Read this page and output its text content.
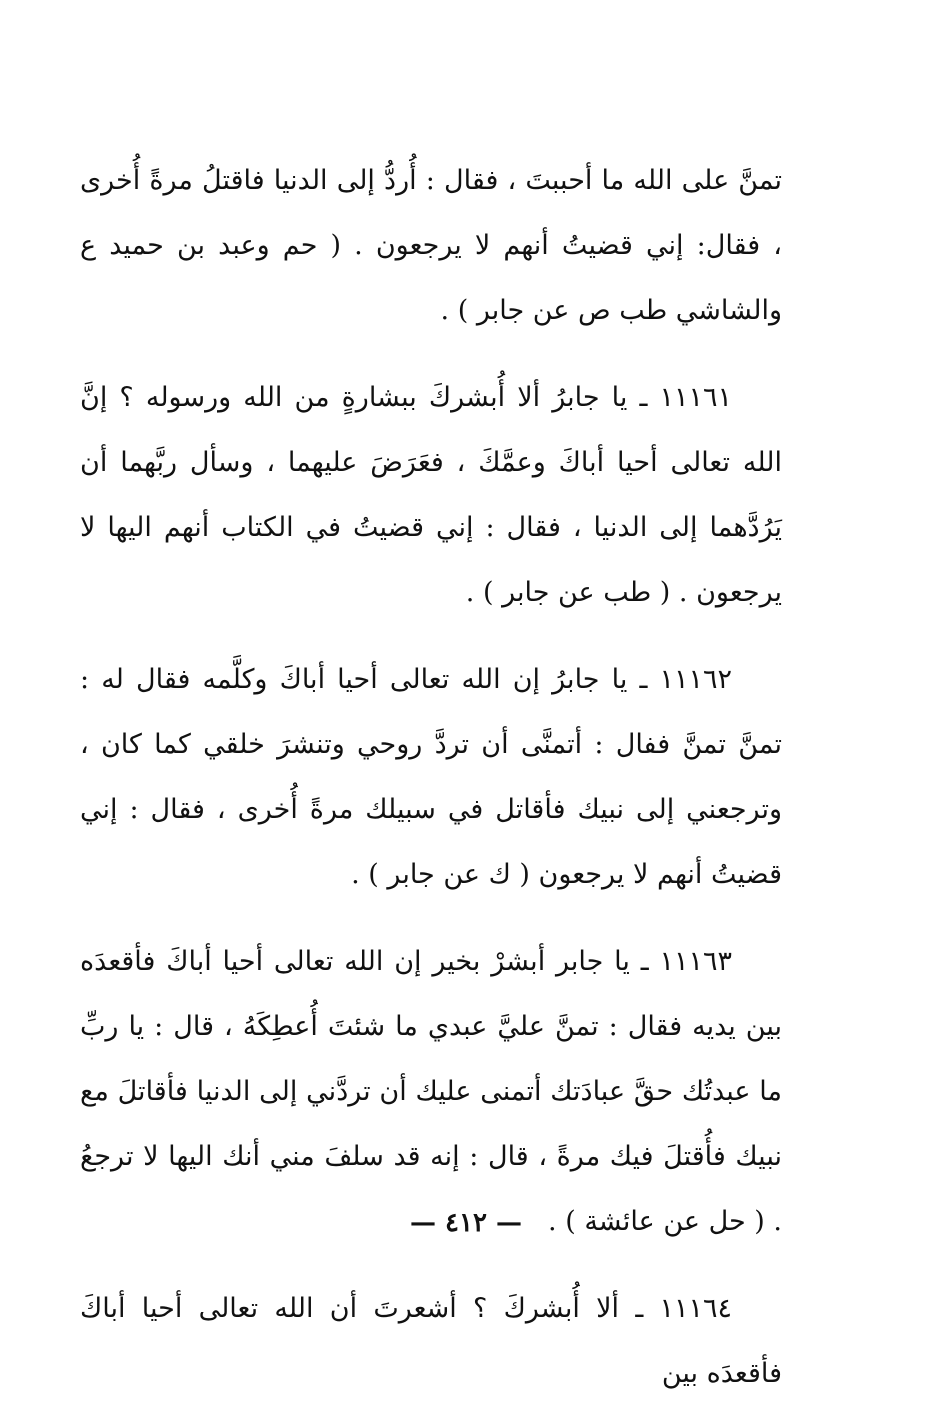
تمنَّ على الله ما أحببتَ ، فقال : أُردُّ إلى الدنيا فاقتلُ مرةً أُخرى ، فقال: إني قضيتُ أنهم لا يرجعون . ( حم وعبد بن حميد ع والشاشي طب ص عن جابر ) .

١١١٦١ ـ يا جابرُ ألا أُبشركَ ببشارةٍ من الله ورسوله ؟ إنَّ الله تعالى أحيا أباكَ وعمَّكَ ، فعَرَضَ عليهما ، وسأل ربَّهما أن يَرُدَّهما إلى الدنيا ، فقال : إني قضيتُ في الكتاب أنهم اليها لا يرجعون . ( طب عن جابر ) .

١١١٦٢ ـ يا جابرُ إن الله تعالى أحيا أباكَ وكلَّمه فقال له : تمنَّ تمنَّ ففال : أتمنَّى أن تردَّ روحي وتنشرَ خلقي كما كان ، وترجعني إلى نبيك فأقاتل في سبيلك مرةً أُخرى ، فقال : إني قضيتُ أنهم لا يرجعون ( ك عن جابر ) .

١١١٦٣ ـ يا جابر أبشرْ بخير إن الله تعالى أحيا أباكَ فأقعدَه بين يديه فقال : تمنَّ عليَّ عبدي ما شئتَ أُعطِكَهُ ، قال : يا ربِّ ما عبدتُك حقَّ عبادَتك أتمنى عليك أن تردَّني إلى الدنيا فأقاتلَ مع نبيك فأُقتلَ فيك مرةً ، قال : إنه قد سلفَ مني أنك اليها لا ترجعُ . ( حل عن عائشة ) .

١١١٦٤ ـ ألا أُبشركَ ؟ أشعرتَ أن الله تعالى أحيا أباكَ فأقعدَه بين

— ٤١٢ —
